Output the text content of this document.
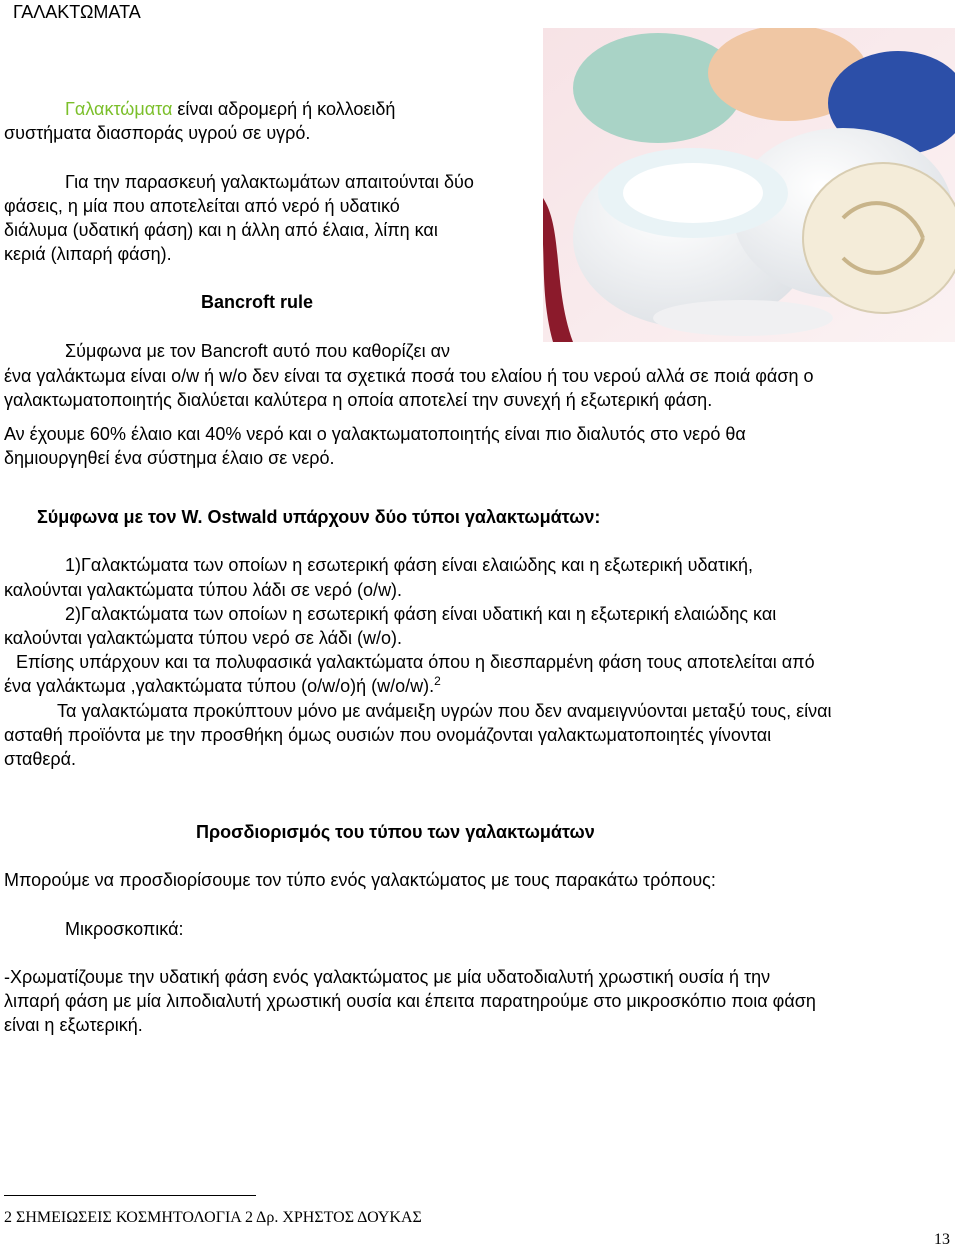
ΓΑΛΑΚΤΩΜΑΤΑ
Γαλακτώματα είναι αδρομερή ή κολλοειδή
συστήματα διασποράς υγρού σε υγρό.
Για την παρασκευή γαλακτωμάτων απαιτούνται δύο
φάσεις, η μία που αποτελείται από νερό ή υδατικό
διάλυμα (υδατική φάση) και η άλλη από έλαια, λίπη και
κεριά (λιπαρή φάση).
Bancroft rule
Σύμφωνα με τον Bancroft αυτό που καθορίζει αν
ένα γαλάκτωμα είναι o/w ή w/o δεν είναι τα σχετικά ποσά του ελαίου ή του νερού αλλά σε ποιά φάση ο
γαλακτωματοποιητής διαλύεται καλύτερα η οποία αποτελεί την συνεχή ή εξωτερική φάση.
Αν έχουμε 60% έλαιο και 40% νερό και ο γαλακτωματοποιητής είναι πιο διαλυτός στο νερό θα
δημιουργηθεί ένα σύστημα έλαιο σε νερό.
Σύμφωνα με τον W. Ostwald υπάρχουν δύο τύποι γαλακτωμάτων:
1)Γαλακτώματα των οποίων η εσωτερική φάση είναι ελαιώδης και η εξωτερική υδατική,
καλούνται γαλακτώματα τύπου λάδι σε νερό (o/w).
2)Γαλακτώματα των οποίων η εσωτερική φάση είναι υδατική και η εξωτερική ελαιώδης και
καλούνται γαλακτώματα τύπου νερό σε λάδι (w/o).
Επίσης υπάρχουν και τα πολυφασικά γαλακτώματα όπου η διεσπαρμένη φάση τους αποτελείται από
ένα γαλάκτωμα ,γαλακτώματα τύπου (o/w/o)ή (w/o/w).$^2$
Τα γαλακτώματα προκύπτουν μόνο με ανάμειξη υγρών που δεν αναμειγνύονται μεταξύ τους, είναι
ασταθή προϊόντα με την προσθήκη όμως ουσιών που ονομάζονται γαλακτωματοποιητές γίνονται
σταθερά.
Προσδιορισμός του τύπου των γαλακτωμάτων
Μπορούμε να προσδιορίσουμε τον τύπο ενός γαλακτώματος με τους παρακάτω τρόπους:
Μικροσκοπικά:
-Χρωματίζουμε την υδατική φάση ενός γαλακτώματος με μία υδατοδιαλυτή χρωστική ουσία ή την
λιπαρή φάση με μία λιποδιαλυτή χρωστική ουσία και έπειτα παρατηρούμε στο μικροσκόπιο ποια φάση
είναι η εξωτερική.
2 ΣΗΜΕΙΩΣΕΙΣ ΚΟΣΜΗΤΟΛΟΓΙΑ 2 Δρ. ΧΡΗΣΤΟΣ ΔΟΥΚΑΣ
13
